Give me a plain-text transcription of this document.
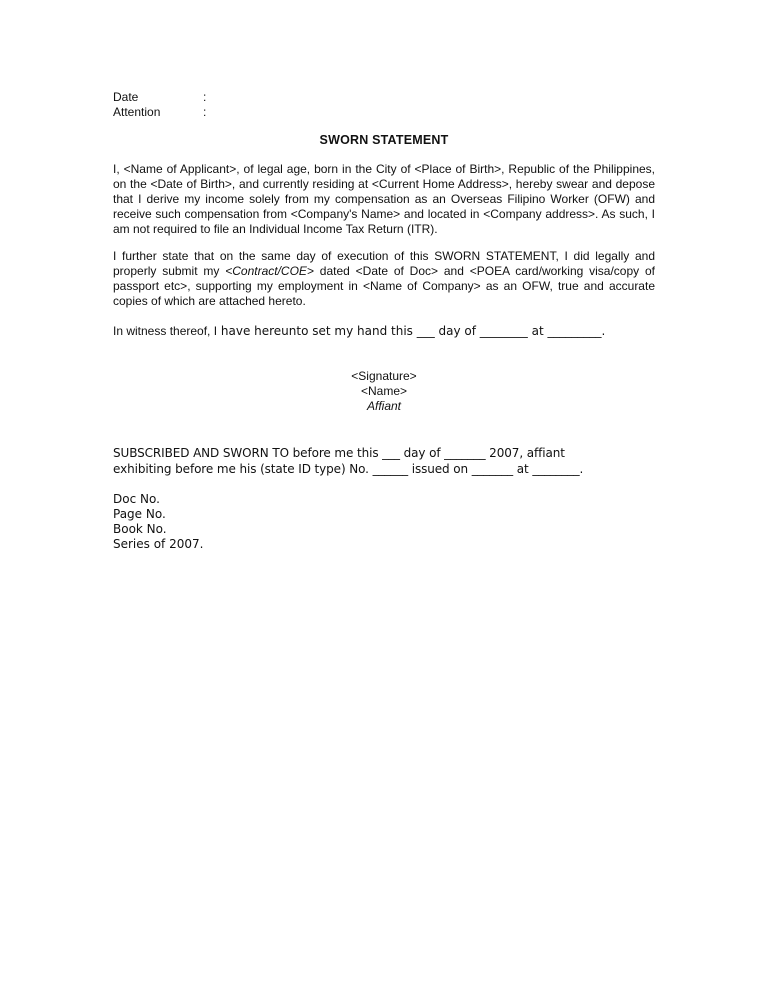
Date	:
Attention	:
SWORN STATEMENT
I, <Name of Applicant>, of legal age, born in the City of <Place of Birth>, Republic of the Philippines, on the <Date of Birth>, and currently residing at <Current Home Address>, hereby swear and depose that I derive my income solely from my compensation as an Overseas Filipino Worker (OFW) and receive such compensation from <Company's Name> and located in <Company address>. As such, I am not required to file an Individual Income Tax Return (ITR).
I further state that on the same day of execution of this SWORN STATEMENT, I did legally and properly submit my <Contract/COE> dated <Date of Doc> and <POEA card/working visa/copy of passport etc>, supporting my employment in <Name of Company> as an OFW, true and accurate copies of which are attached hereto.
In witness thereof, I have hereunto set my hand this ___ day of ________ at _________.
<Signature>
<Name>
Affiant
SUBSCRIBED AND SWORN TO before me this ___ day of _______ 2007, affiant
exhibiting before me his (state ID type) No. ______ issued on _______ at ________.
Doc No.
Page No.
Book No.
Series of 2007.
